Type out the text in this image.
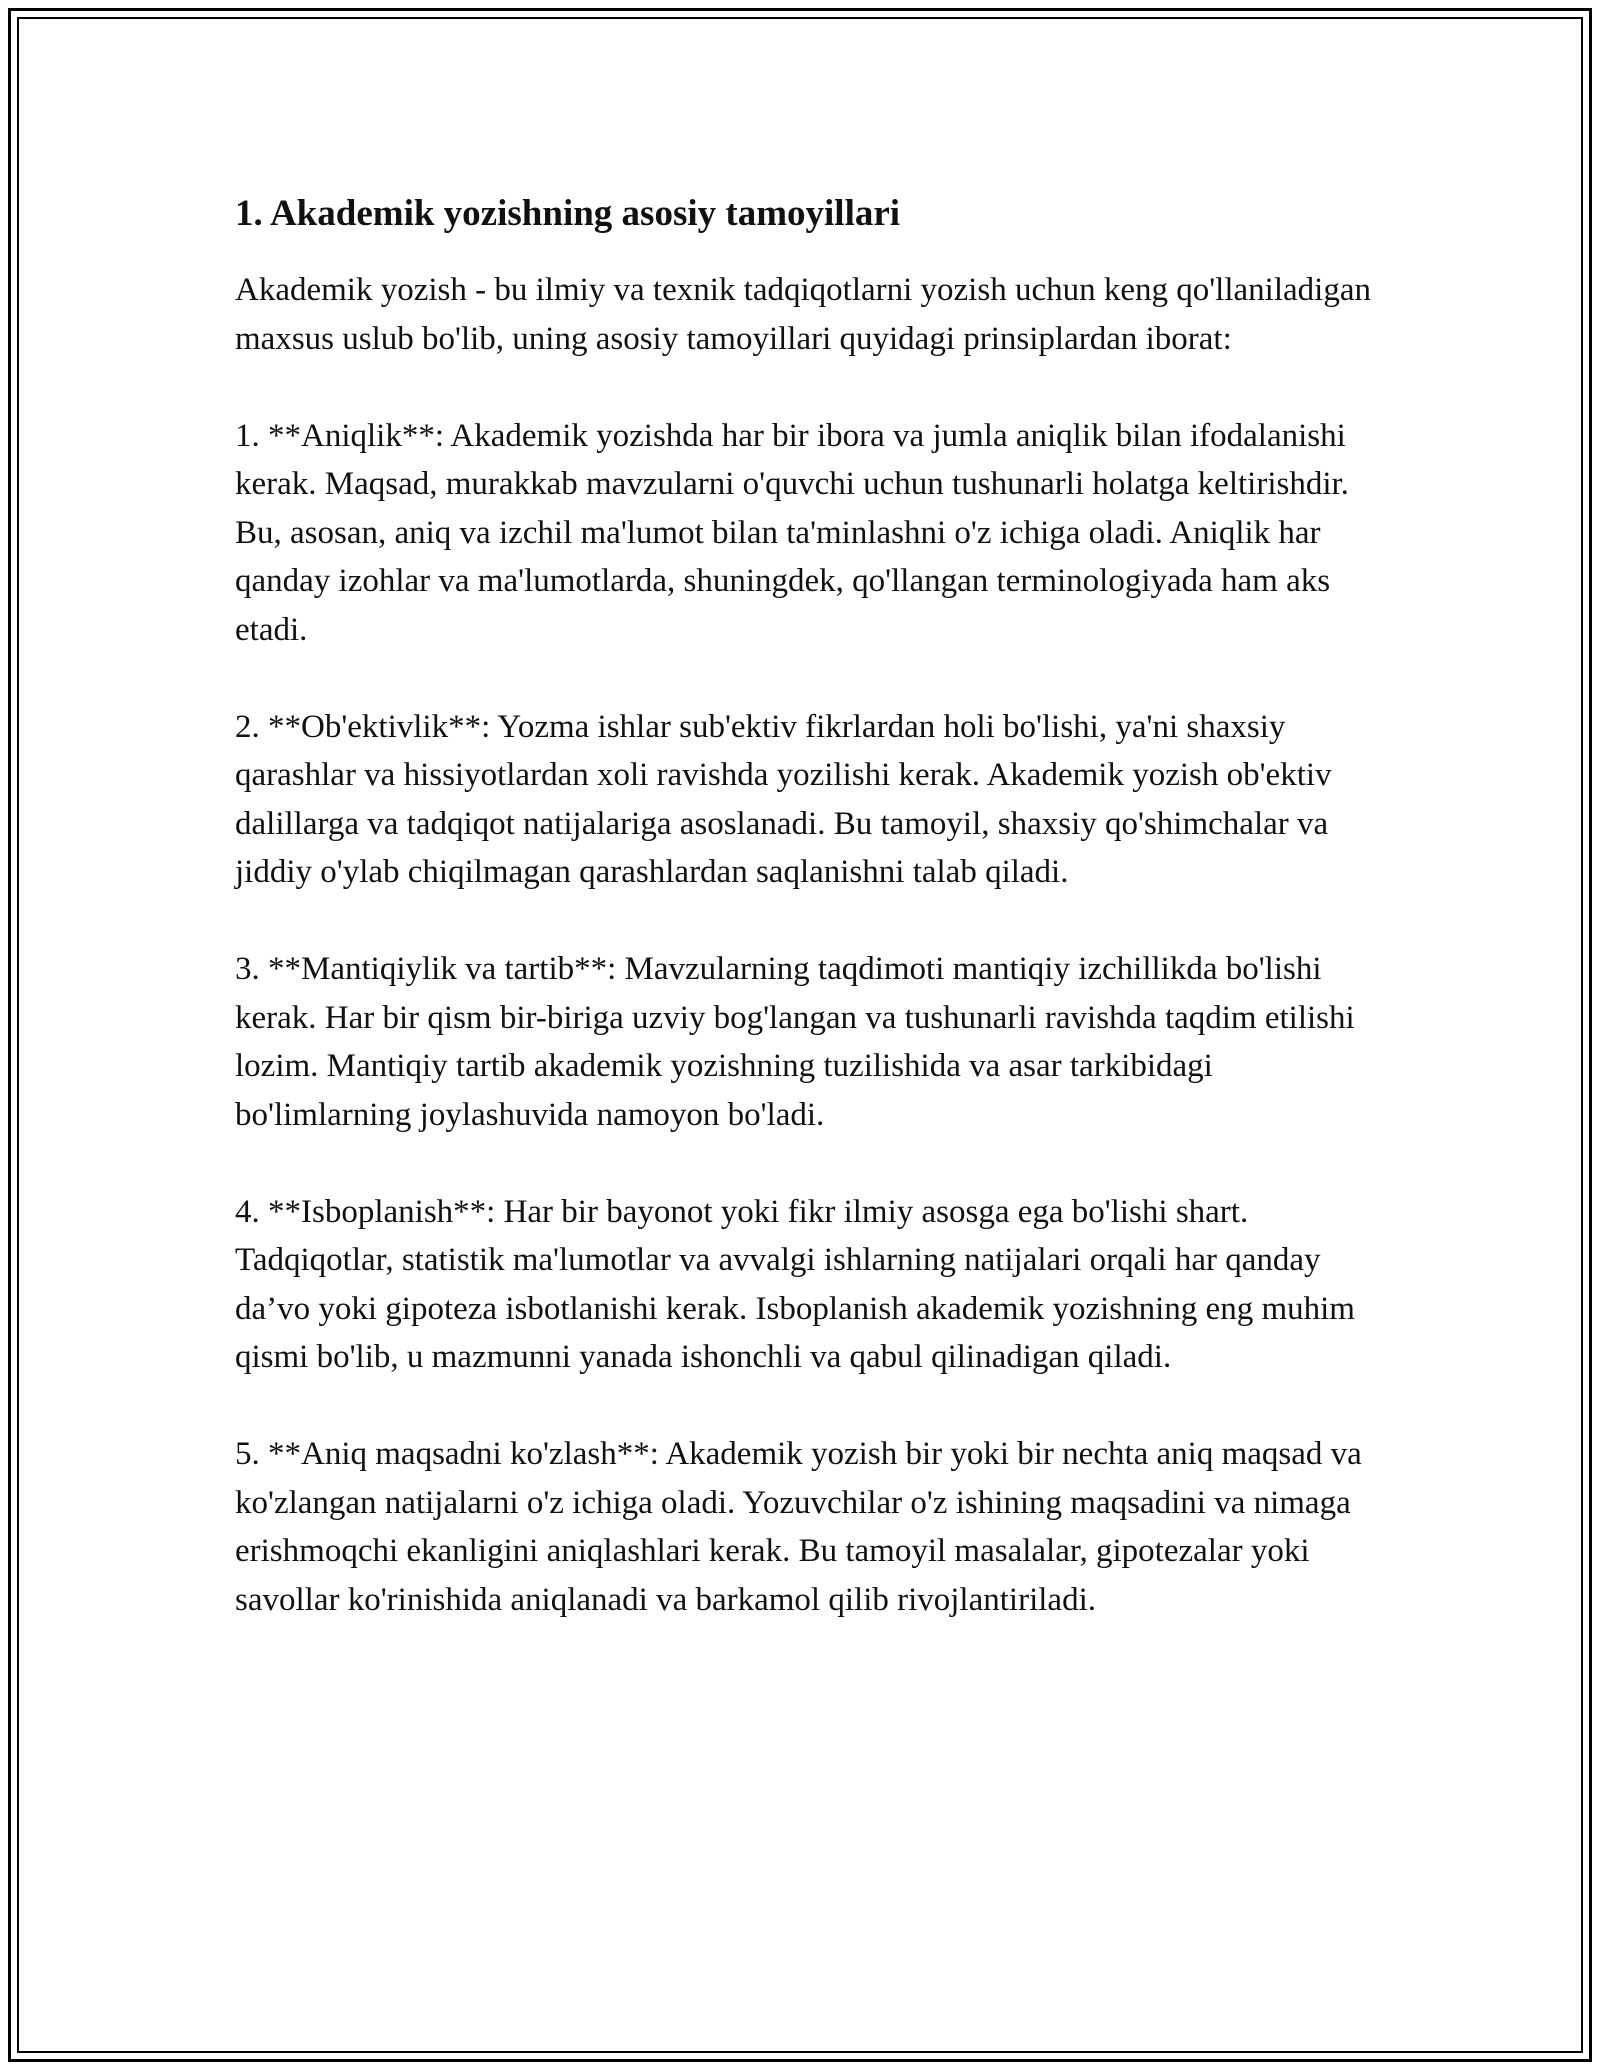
1. Akademik yozishning asosiy tamoyillari

Akademik yozish - bu ilmiy va texnik tadqiqotlarni yozish uchun keng qo'llaniladigan maxsus uslub bo'lib, uning asosiy tamoyillari quyidagi prinsiplardan iborat:

1. **Aniqlik**: Akademik yozishda har bir ibora va jumla aniqlik bilan ifodalanishi kerak. Maqsad, murakkab mavzularni o'quvchi uchun tushunarli holatga keltirishdir. Bu, asosan, aniq va izchil ma'lumot bilan ta'minlashni o'z ichiga oladi. Aniqlik har qanday izohlar va ma'lumotlarda, shuningdek, qo'llangan terminologiyada ham aks etadi.

2. **Ob'ektivlik**: Yozma ishlar sub'ektiv fikrlardan holi bo'lishi, ya'ni shaxsiy qarashlar va hissiyotlardan xoli ravishda yozilishi kerak. Akademik yozish ob'ektiv dalillarga va tadqiqot natijalariga asoslanadi. Bu tamoyil, shaxsiy qo'shimchalar va jiddiy o'ylab chiqilmagan qarashlardan saqlanishni talab qiladi.

3. **Mantiqiylik va tartib**: Mavzularning taqdimoti mantiqiy izchillikda bo'lishi kerak. Har bir qism bir-biriga uzviy bog'langan va tushunarli ravishda taqdim etilishi lozim. Mantiqiy tartib akademik yozishning tuzilishida va asar tarkibidagi bo'limlarning joylashuvida namoyon bo'ladi.

4. **Isboplanish**: Har bir bayonot yoki fikr ilmiy asosga ega bo'lishi shart. Tadqiqotlar, statistik ma'lumotlar va avvalgi ishlarning natijalari orqali har qanday da’vo yoki gipoteza isbotlanishi kerak. Isboplanish akademik yozishning eng muhim qismi bo'lib, u mazmunni yanada ishonchli va qabul qilinadigan qiladi.

5. **Aniq maqsadni ko'zlash**: Akademik yozish bir yoki bir nechta aniq maqsad va ko'zlangan natijalarni o'z ichiga oladi. Yozuvchilar o'z ishining maqsadini va nimaga erishmoqchi ekanligini aniqlashlari kerak. Bu tamoyil masalalar, gipotezalar yoki savollar ko'rinishida aniqlanadi va barkamol qilib rivojlantiriladi.
